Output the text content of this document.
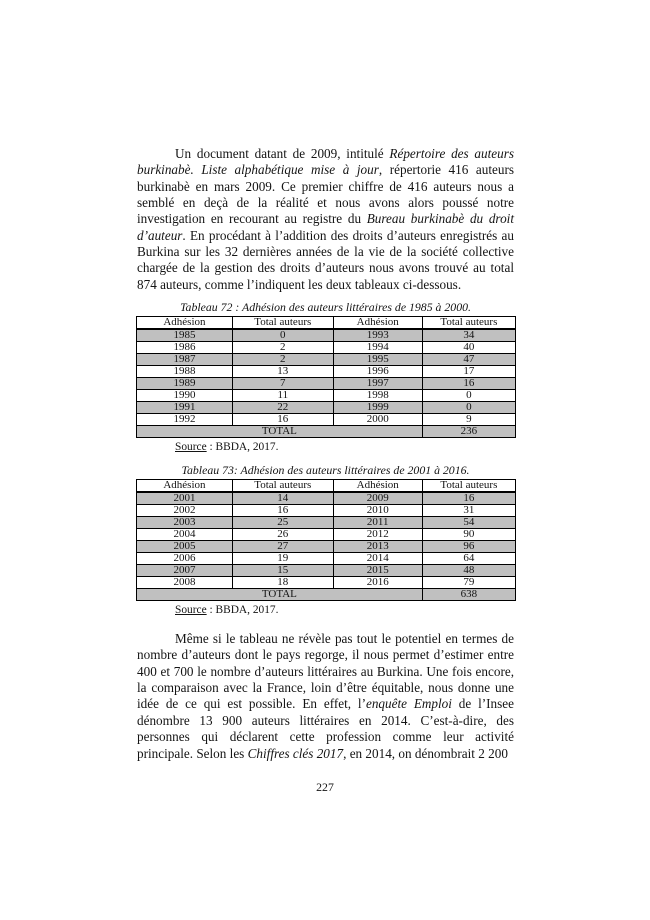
Un document datant de 2009, intitulé Répertoire des auteurs
burkinabè. Liste alphabétique mise à jour, répertorie 416 auteurs
burkinabè en mars 2009. Ce premier chiffre de 416 auteurs nous a
semblé en deçà de la réalité et nous avons alors poussé notre
investigation en recourant au registre du Bureau burkinabè du droit
d’auteur. En procédant à l’addition des droits d’auteurs enregistrés au
Burkina sur les 32 dernières années de la vie de la société collective
chargée de la gestion des droits d’auteurs nous avons trouvé au total
874 auteurs, comme l’indiquent les deux tableaux ci-dessous.
Tableau 72 : Adhésion des auteurs littéraires de 1985 à 2000.
Adhésion	Total auteurs	Adhésion	Total auteurs
1985	0	1993	34
1986	2	1994	40
1987	2	1995	47
1988	13	1996	17
1989	7	1997	16
1990	11	1998	0
1991	22	1999	0
1992	16	2000	9
TOTAL			236
Source : BBDA, 2017.
Tableau 73: Adhésion des auteurs littéraires de 2001 à 2016.
Adhésion	Total auteurs	Adhésion	Total auteurs
2001	14	2009	16
2002	16	2010	31
2003	25	2011	54
2004	26	2012	90
2005	27	2013	96
2006	19	2014	64
2007	15	2015	48
2008	18	2016	79
TOTAL			638
Source : BBDA, 2017.
Même si le tableau ne révèle pas tout le potentiel en termes de
nombre d’auteurs dont le pays regorge, il nous permet d’estimer entre
400 et 700 le nombre d’auteurs littéraires au Burkina. Une fois encore,
la comparaison avec la France, loin d’être équitable, nous donne une
idée de ce qui est possible. En effet, l’enquête Emploi de l’Insee
dénombre 13 900 auteurs littéraires en 2014. C’est-à-dire, des
personnes qui déclarent cette profession comme leur activité
principale. Selon les Chiffres clés 2017, en 2014, on dénombrait 2 200
227
